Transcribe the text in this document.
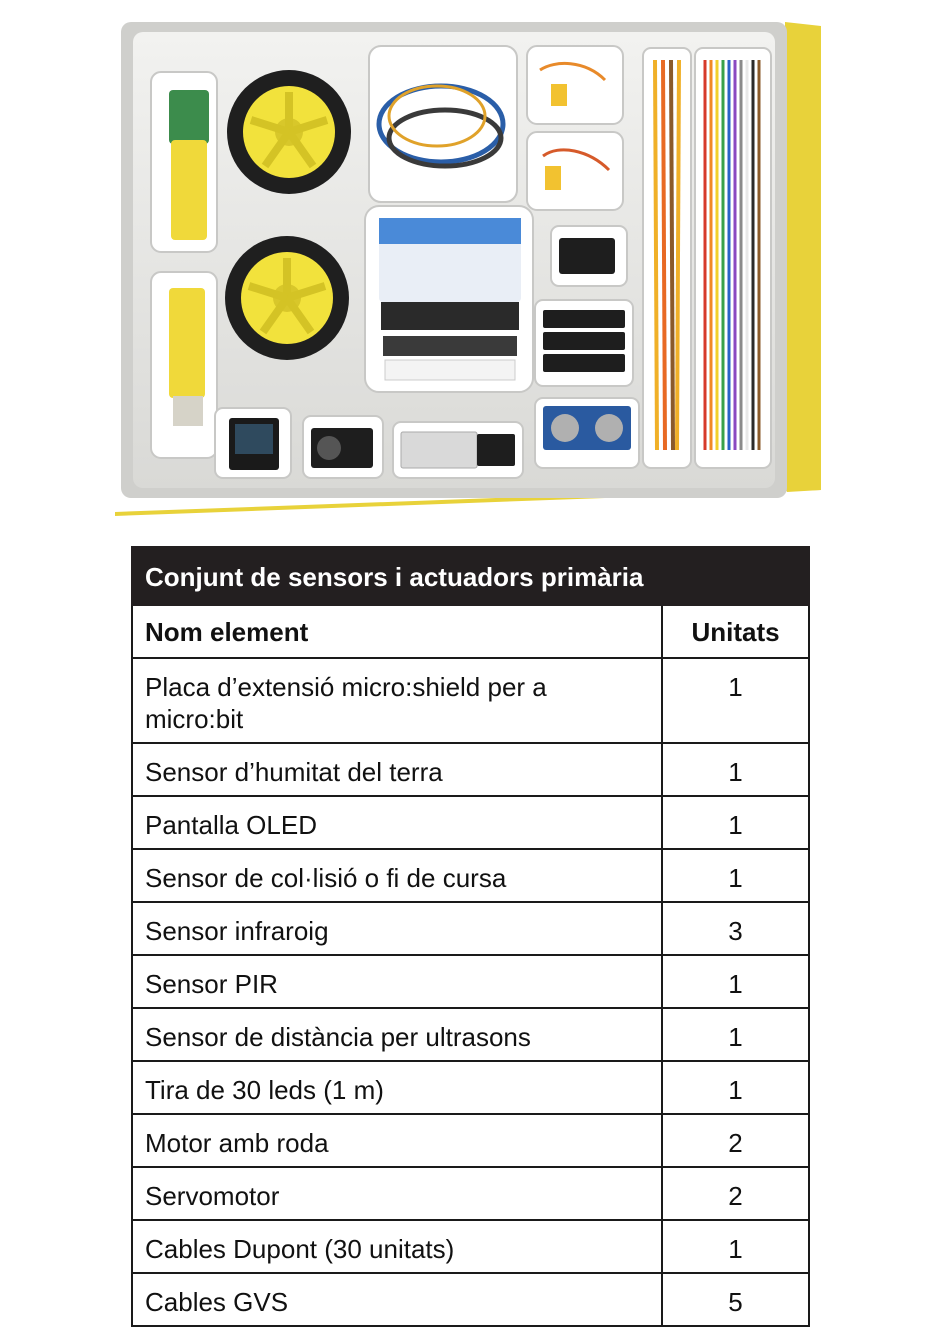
Conjunt de sensors i actuadors primària	
Nom element	Unitats
Placa d’extensió micro:shield per a micro:bit	1
Sensor d’humitat del terra	1
Pantalla OLED	1
Sensor de col·lisió o fi de cursa	1
Sensor infraroig	3
Sensor PIR	1
Sensor de distància per ultrasons	1
Tira de 30 leds (1 m)	1
Motor amb roda	2
Servomotor	2
Cables Dupont (30 unitats)	1
Cables GVS	5
